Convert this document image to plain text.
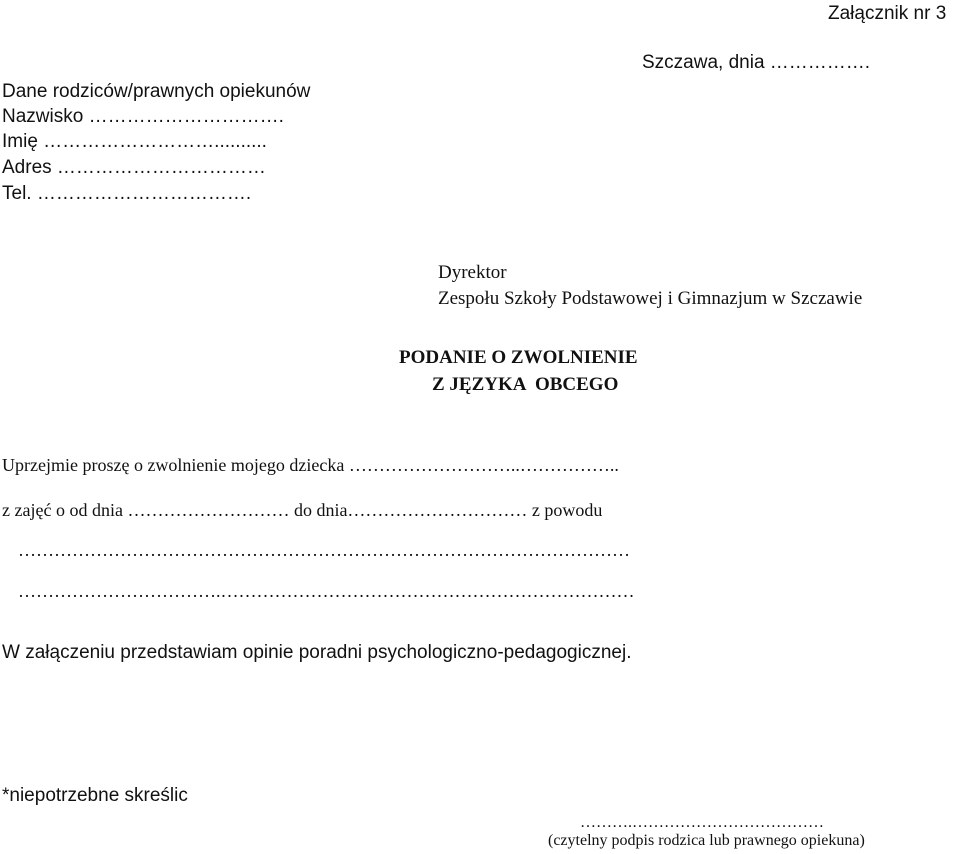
Załącznik nr 3
Szczawa, dnia …………….
Dane rodziców/prawnych opiekunów
Nazwisko ………………………….
Imię ………………………..........
Adres ……………………………
Tel. …………………………….
Dyrektor
Zespołu Szkoły Podstawowej i Gimnazjum w Szczawie
PODANIE O ZWOLNIENIE
Z JĘZYKA  OBCEGO
Uprzejmie proszę o zwolnienie mojego dziecka ………………………..……………..
z zajęć o od dnia ……………………… do dnia………………………… z powodu
…………………………………………………………………………………………
…………………………….……………………………………………………………
W załączeniu przedstawiam opinie poradni psychologiczno-pedagogicznej.
*niepotrzebne skreślic
……….………………………………
(czytelny podpis rodzica lub prawnego opiekuna)
